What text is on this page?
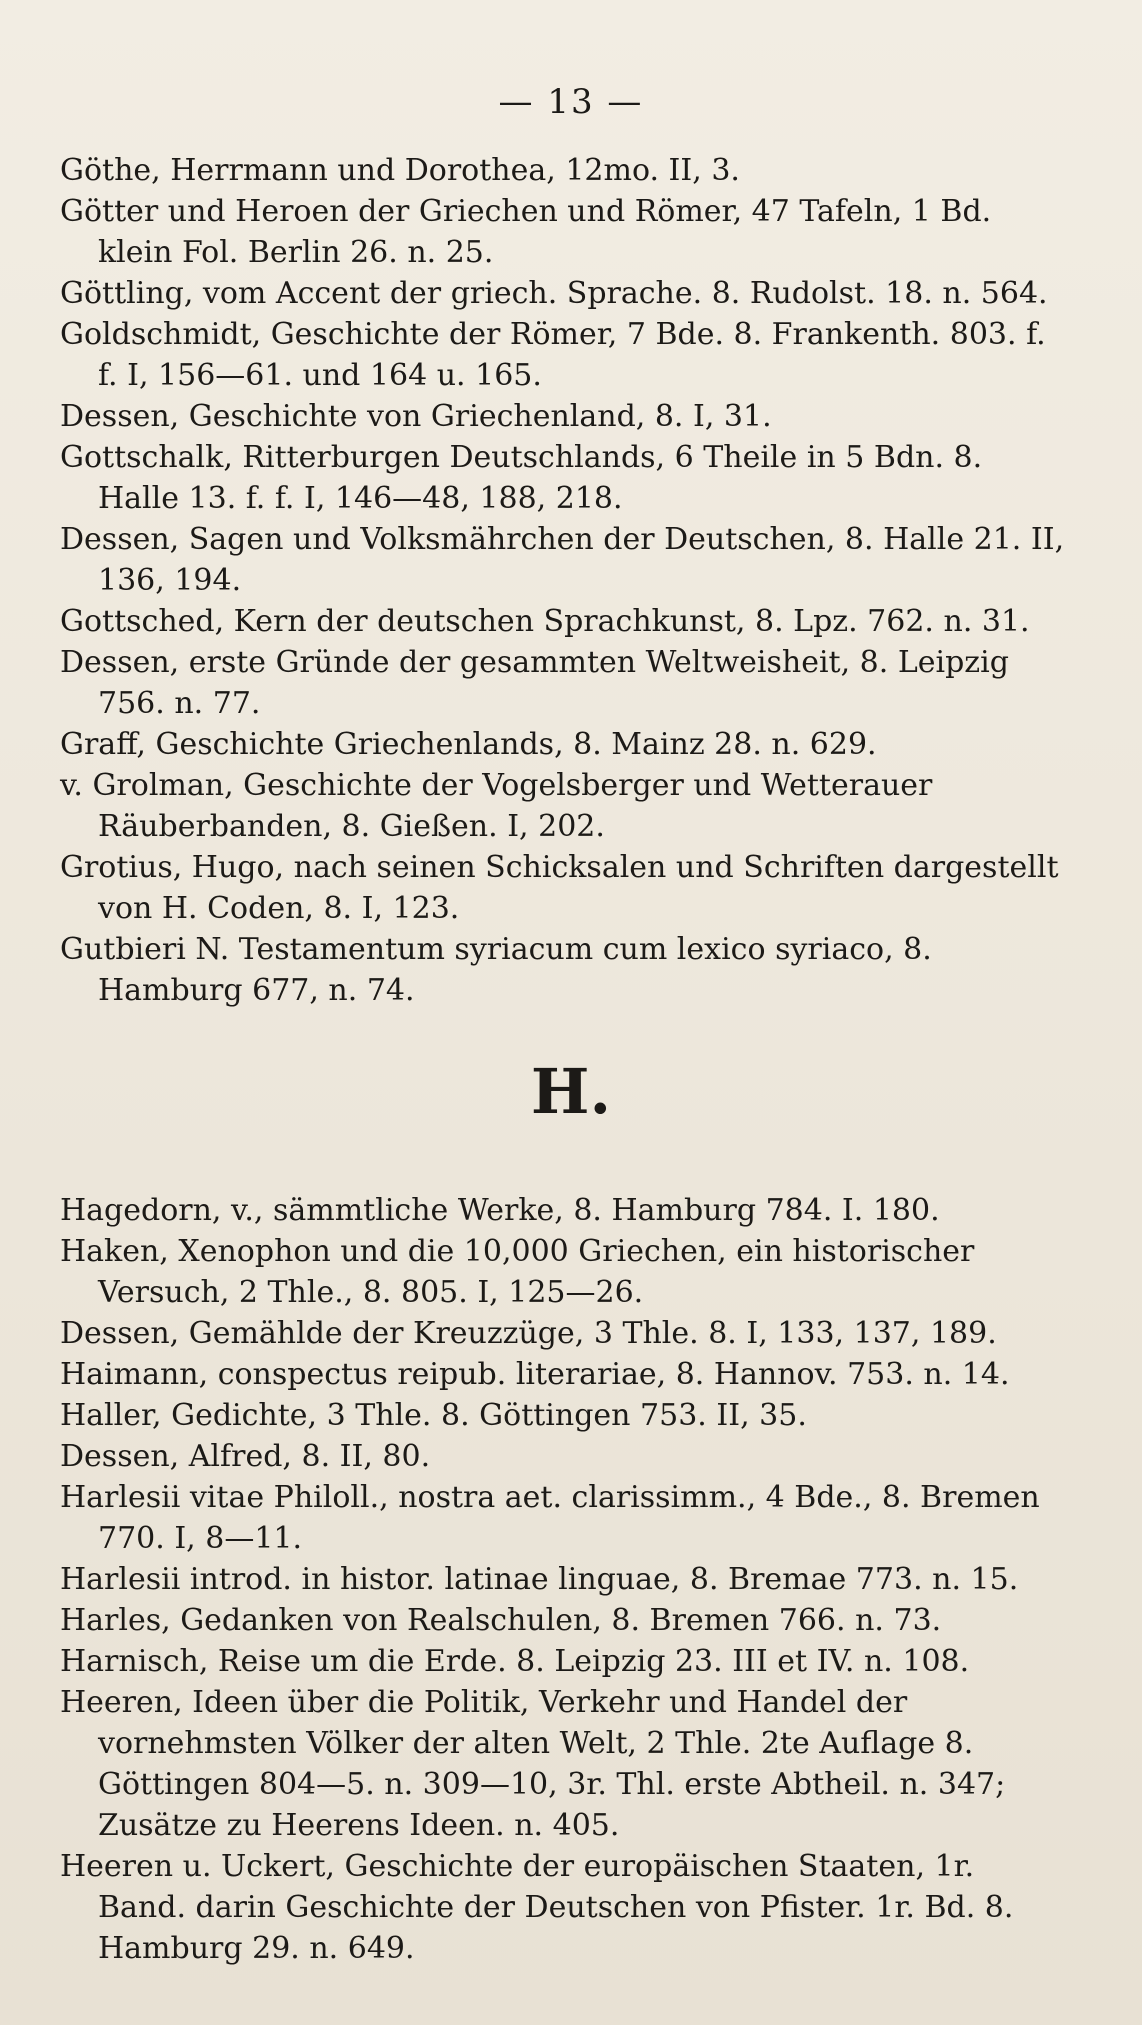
— 13 —

Göthe, Herrmann und Dorothea, 12mo. II, 3.

Götter und Heroen der Griechen und Römer, 47 Tafeln, 1 Bd. klein Fol. Berlin 26. n. 25.

Göttling, vom Accent der griech. Sprache. 8. Rudolst. 18. n. 564.

Goldschmidt, Geschichte der Römer, 7 Bde. 8. Frankenth. 803. f. f. I, 156—61. und 164 u. 165.

Dessen, Geschichte von Griechenland, 8. I, 31.

Gottschalk, Ritterburgen Deutschlands, 6 Theile in 5 Bdn. 8. Halle 13. f. f. I, 146—48, 188, 218.

Dessen, Sagen und Volksmährchen der Deutschen, 8. Halle 21. II, 136, 194.

Gottsched, Kern der deutschen Sprachkunst, 8. Lpz. 762. n. 31.

Dessen, erste Gründe der gesammten Weltweisheit, 8. Leipzig 756. n. 77.

Graff, Geschichte Griechenlands, 8. Mainz 28. n. 629.

v. Grolman, Geschichte der Vogelsberger und Wetterauer Räuberbanden, 8. Gießen. I, 202.

Grotius, Hugo, nach seinen Schicksalen und Schriften dargestellt von H. Coden, 8. I, 123.

Gutbieri N. Testamentum syriacum cum lexico syriaco, 8. Hamburg 677, n. 74.

H.

Hagedorn, v., sämmtliche Werke, 8. Hamburg 784. I. 180.

Haken, Xenophon und die 10,000 Griechen, ein historischer Versuch, 2 Thle., 8. 805. I, 125—26.

Dessen, Gemählde der Kreuzzüge, 3 Thle. 8. I, 133, 137, 189.

Haimann, conspectus reipub. literariae, 8. Hannov. 753. n. 14.

Haller, Gedichte, 3 Thle. 8. Göttingen 753. II, 35.

Dessen, Alfred, 8. II, 80.

Harlesii vitae Philoll., nostra aet. clarissimm., 4 Bde., 8. Bremen 770. I, 8—11.

Harlesii introd. in histor. latinae linguae, 8. Bremae 773. n. 15.

Harles, Gedanken von Realschulen, 8. Bremen 766. n. 73.

Harnisch, Reise um die Erde. 8. Leipzig 23. III et IV. n. 108.

Heeren, Ideen über die Politik, Verkehr und Handel der vornehmsten Völker der alten Welt, 2 Thle. 2te Auflage 8. Göttingen 804—5. n. 309—10, 3r. Thl. erste Abtheil. n. 347; Zusätze zu Heerens Ideen. n. 405.

Heeren u. Uckert, Geschichte der europäischen Staaten, 1r. Band. darin Geschichte der Deutschen von Pfister. 1r. Bd. 8. Hamburg 29. n. 649.
